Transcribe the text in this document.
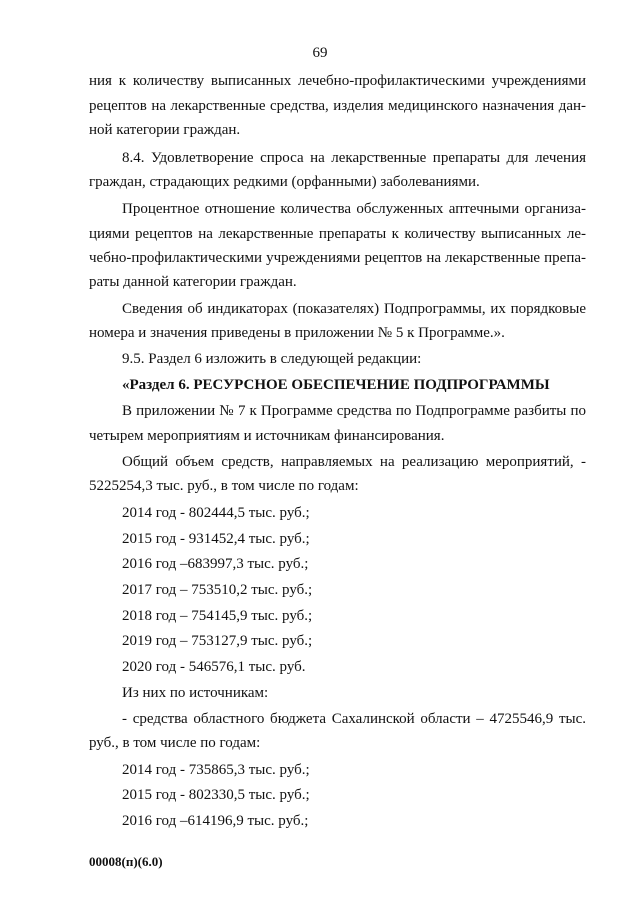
69
ния к количеству выписанных лечебно-профилактическими учреждениями
рецептов на лекарственные средства, изделия медицинского назначения дан-
ной категории граждан.
8.4. Удовлетворение спроса на лекарственные препараты для лечения
граждан, страдающих редкими (орфанными) заболеваниями.
Процентное отношение количества обслуженных аптечными организа-
циями рецептов на лекарственные препараты к количеству выписанных ле-
чебно-профилактическими учреждениями рецептов на лекарственные препа-
раты данной категории граждан.
Сведения об индикаторах (показателях) Подпрограммы, их порядковые
номера и значения приведены в приложении № 5 к Программе.».
9.5. Раздел 6 изложить в следующей редакции:
«Раздел 6. РЕСУРСНОЕ ОБЕСПЕЧЕНИЕ ПОДПРОГРАММЫ
В приложении № 7 к Программе средства по Подпрограмме разбиты по
четырем мероприятиям и источникам финансирования.
Общий объем средств, направляемых на реализацию мероприятий, -
5225254,3 тыс. руб., в том числе по годам:
2014 год - 802444,5 тыс. руб.;
2015 год - 931452,4 тыс. руб.;
2016 год –683997,3 тыс. руб.;
2017 год – 753510,2 тыс. руб.;
2018 год – 754145,9 тыс. руб.;
2019 год – 753127,9 тыс. руб.;
2020 год - 546576,1 тыс. руб.
Из них по источникам:
- средства областного бюджета Сахалинской области – 4725546,9 тыс.
руб., в том числе по годам:
2014 год - 735865,3 тыс. руб.;
2015 год - 802330,5 тыс. руб.;
2016 год –614196,9 тыс. руб.;
00008(п)(6.0)
